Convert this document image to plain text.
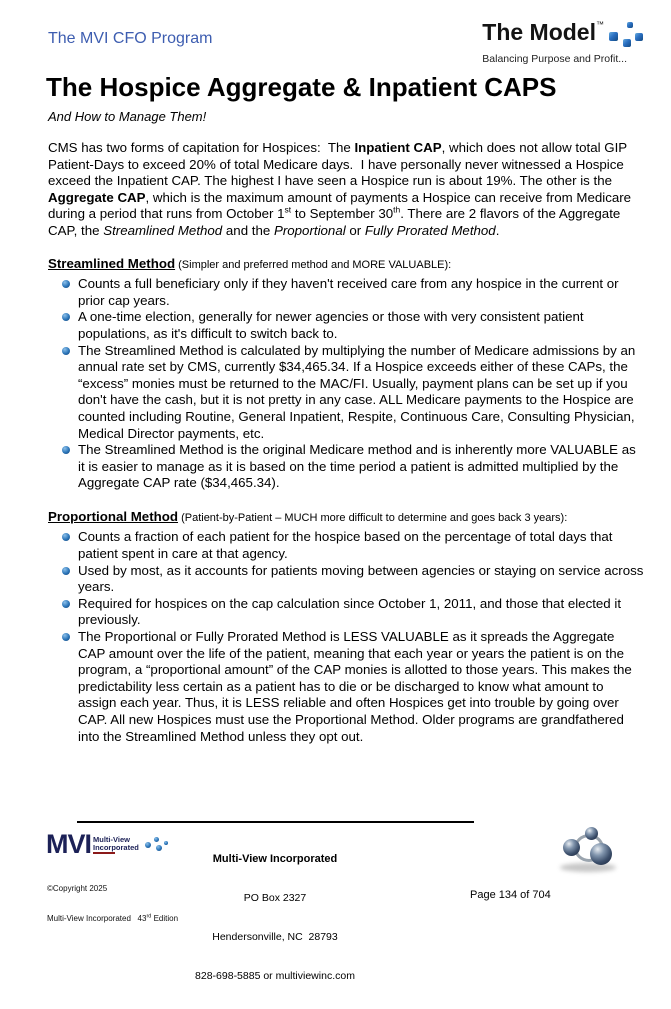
The MVI CFO Program	The Model ™
Balancing Purpose and Profit...
The Hospice Aggregate & Inpatient CAPS
And How to Manage Them!

CMS has two forms of capitation for Hospices:  The Inpatient CAP, which does not allow total GIP Patient-Days to exceed 20% of total Medicare days.  I have personally never witnessed a Hospice exceed the Inpatient CAP. The highest I have seen a Hospice run is about 19%. The other is the Aggregate CAP, which is the maximum amount of payments a Hospice can receive from Medicare during a period that runs from October 1st to September 30th. There are 2 flavors of the Aggregate CAP, the Streamlined Method and the Proportional or Fully Prorated Method.

Streamlined Method (Simpler and preferred method and MORE VALUABLE):

Counts a full beneficiary only if they haven't received care from any hospice in the current or prior cap years.
A one-time election, generally for newer agencies or those with very consistent patient populations, as it's difficult to switch back to.
The Streamlined Method is calculated by multiplying the number of Medicare admissions by an annual rate set by CMS, currently $34,465.34. If a Hospice exceeds either of these CAPs, the “excess” monies must be returned to the MAC/FI. Usually, payment plans can be set up if you don't have the cash, but it is not pretty in any case. ALL Medicare payments to the Hospice are counted including Routine, General Inpatient, Respite, Continuous Care, Consulting Physician, Medical Director payments, etc.
The Streamlined Method is the original Medicare method and is inherently more VALUABLE as it is easier to manage as it is based on the time period a patient is admitted multiplied by the Aggregate CAP rate ($34,465.34).

Proportional Method (Patient-by-Patient – MUCH more difficult to determine and goes back 3 years):

Counts a fraction of each patient for the hospice based on the percentage of total days that patient spent in care at that agency.
Used by most, as it accounts for patients moving between agencies or staying on service across years.
Required for hospices on the cap calculation since October 1, 2011, and those that elected it previously.
The Proportional or Fully Prorated Method is LESS VALUABLE as it spreads the Aggregate CAP amount over the life of the patient, meaning that each year or years the patient is on the program, a “proportional amount” of the CAP monies is allotted to those years. This makes the predictability less certain as a patient has to die or be discharged to know what amount to assign each year. Thus, it is LESS reliable and often Hospices get into trouble by going over CAP. All new Hospices must use the Proportional Method. Older programs are grandfathered into the Streamlined Method unless they opt out.
MVI Multi-View
Incorporated

©Copyright 2025

Multi-View Incorporated   43rd Edition

Multi-View Incorporated

PO Box 2327

Hendersonville, NC  28793

828-698-5885 or multiviewinc.com

Page 134 of 704
